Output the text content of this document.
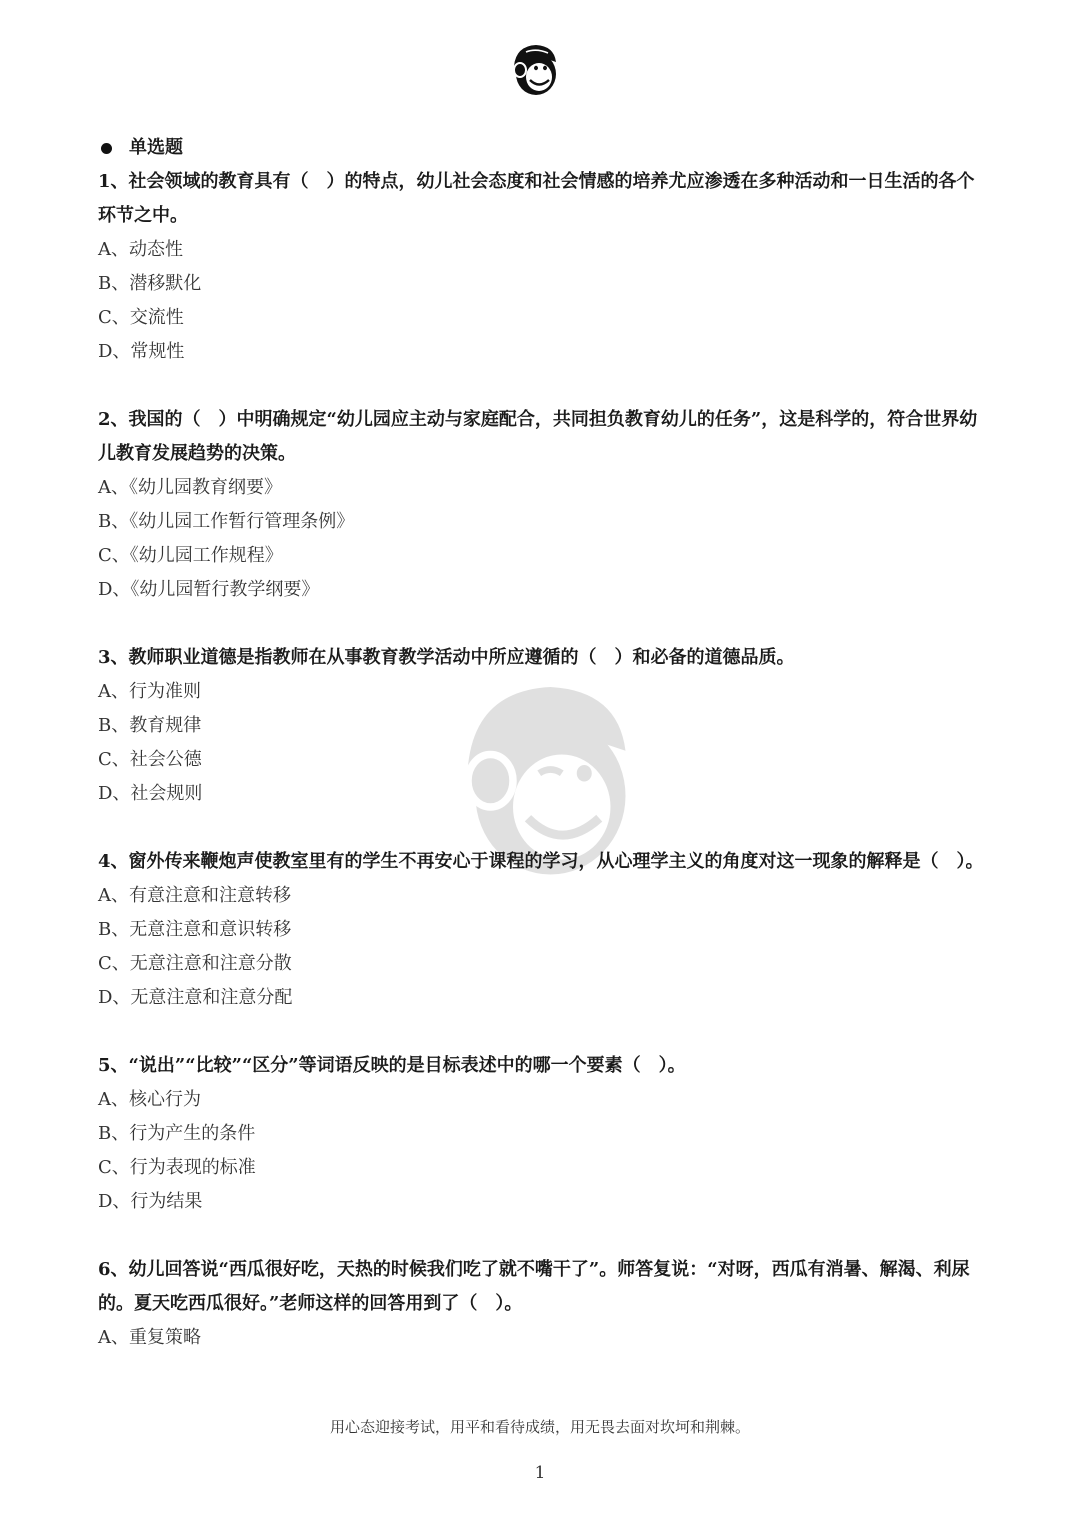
单选题

1、社会领域的教育具有（　）的特点，幼儿社会态度和社会情感的培养尤应渗透在多种活动和一日生活的各个环节之中。

A、动态性

B、潜移默化

C、交流性

D、常规性

2、我国的（　）中明确规定“幼儿园应主动与家庭配合，共同担负教育幼儿的任务”，这是科学的，符合世界幼儿教育发展趋势的决策。

A、《幼儿园教育纲要》

B、《幼儿园工作暂行管理条例》

C、《幼儿园工作规程》

D、《幼儿园暂行教学纲要》

3、教师职业道德是指教师在从事教育教学活动中所应遵循的（　）和必备的道德品质。

A、行为准则

B、教育规律

C、社会公德

D、社会规则

4、窗外传来鞭炮声使教室里有的学生不再安心于课程的学习，从心理学主义的角度对这一现象的解释是（　）。

A、有意注意和注意转移

B、无意注意和意识转移

C、无意注意和注意分散

D、无意注意和注意分配

5、“说出”“比较”“区分”等词语反映的是目标表述中的哪一个要素（　）。

A、核心行为

B、行为产生的条件

C、行为表现的标准

D、行为结果

6、幼儿回答说“西瓜很好吃，天热的时候我们吃了就不嘴干了”。师答复说：“对呀，西瓜有消暑、解渴、利尿的。夏天吃西瓜很好。”老师这样的回答用到了（　）。

A、重复策略

用心态迎接考试，用平和看待成绩，用无畏去面对坎坷和荆棘。
1
